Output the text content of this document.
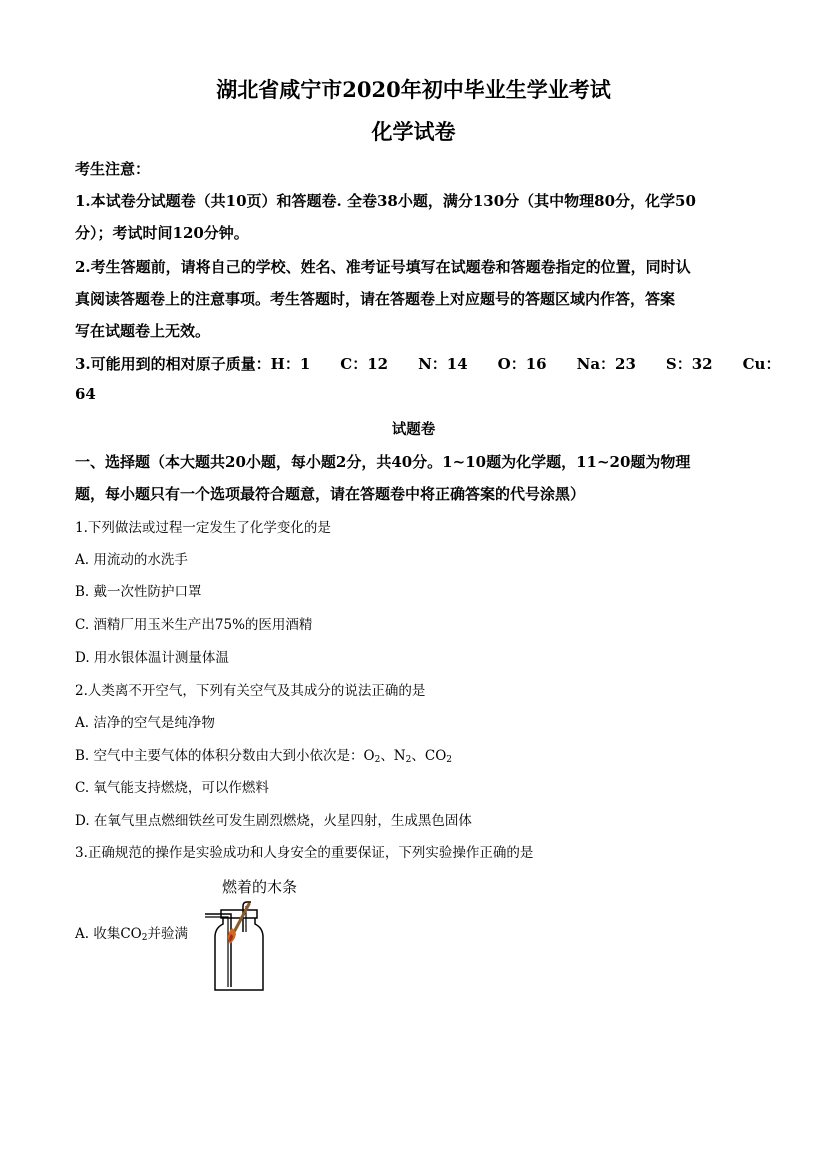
湖北省咸宁市2020年初中毕业生学业考试
化学试卷
考生注意：
1.本试卷分试题卷（共10页）和答题卷. 全卷38小题，满分130分（其中物理80分，化学50
分）；考试时间120分钟。
2.考生答题前，请将自己的学校、姓名、准考证号填写在试题卷和答题卷指定的位置，同时认
真阅读答题卷上的注意事项。考生答题时，请在答题卷上对应题号的答题区域内作答，答案
写在试题卷上无效。
3.可能用到的相对原子质量：H：1　　C：12　　N：14　　O：16　　Na：23　　S：32　　Cu：
64
试题卷
一、选择题（本大题共20小题，每小题2分，共40分。1~10题为化学题，11~20题为物理
题，每小题只有一个选项最符合题意，请在答题卷中将正确答案的代号涂黑）
1.下列做法或过程一定发生了化学变化的是
A. 用流动的水洗手
B. 戴一次性防护口罩
C. 酒精厂用玉米生产出75%的医用酒精
D. 用水银体温计测量体温
2.人类离不开空气，下列有关空气及其成分的说法正确的是
A. 洁净的空气是纯净物
B. 空气中主要气体的体积分数由大到小依次是：$O_2$、$N_2$、$CO_2$
C. 氧气能支持燃烧，可以作燃料
D. 在氧气里点燃细铁丝可发生剧烈燃烧，火星四射，生成黑色固体
3.正确规范的操作是实验成功和人身安全的重要保证，下列实验操作正确的是
燃着的木条
A. 收集$CO_2$并验满
